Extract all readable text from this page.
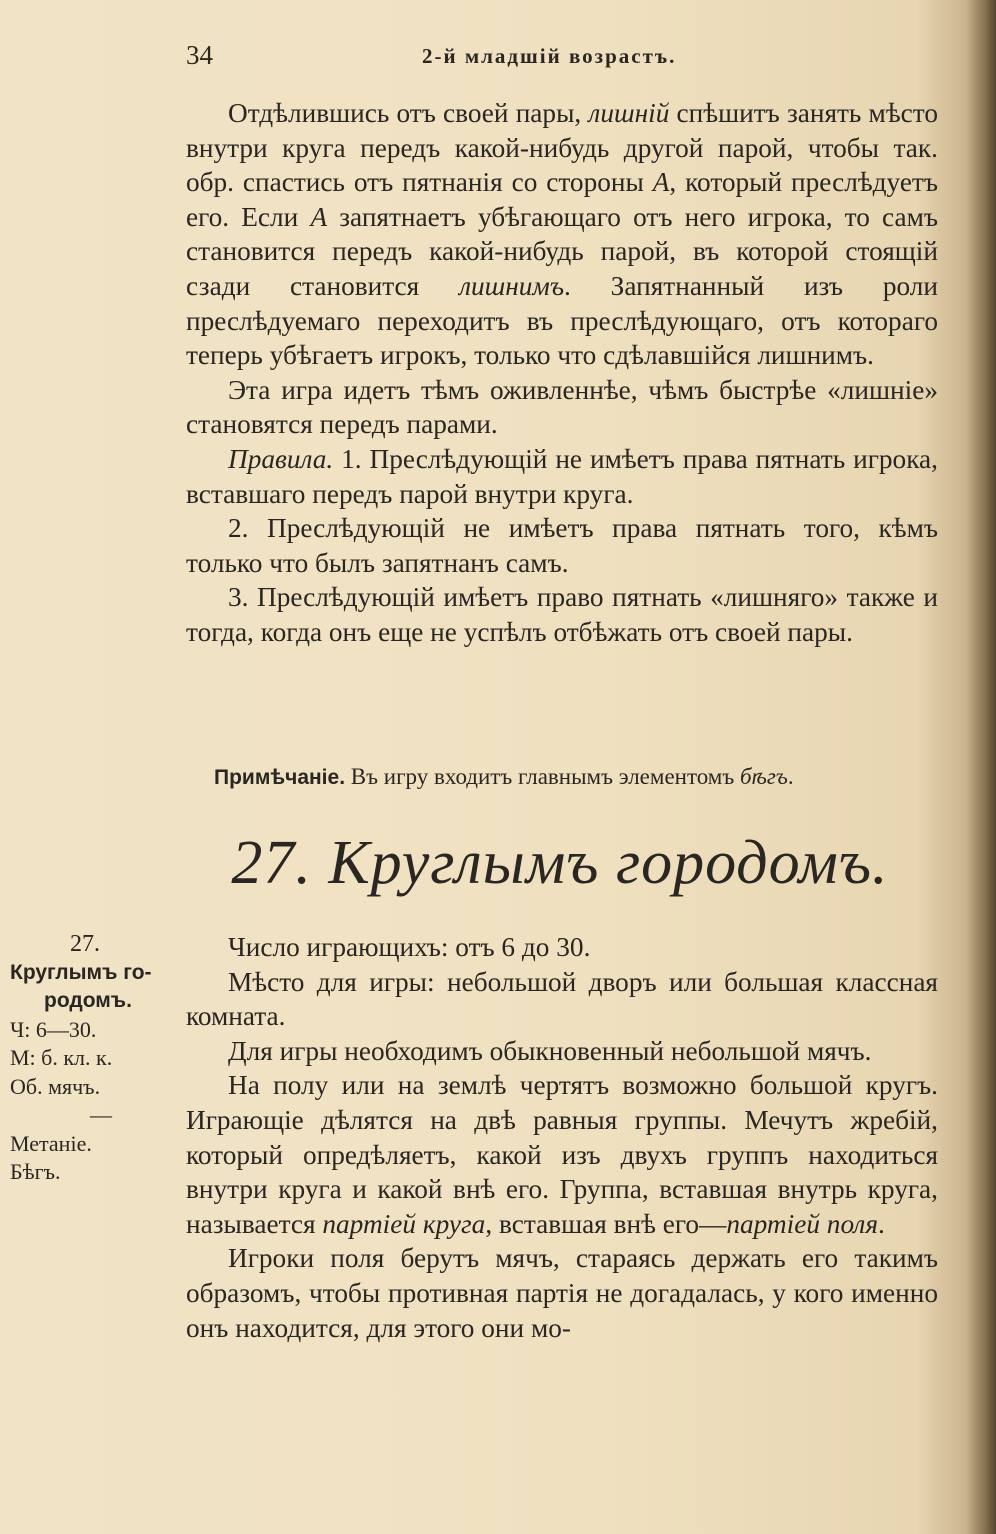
34	2-й младшій возрастъ.

Отдѣлившись отъ своей пары, лишній спѣшитъ занять мѣсто внутри круга передъ какой-нибудь другой парой, чтобы так. обр. спастись отъ пятнанія со стороны А, который преслѣдуетъ его. Если А запятнаетъ убѣгающаго отъ него игрока, то самъ становится передъ какой-нибудь парой, въ которой стоящій сзади становится лишнимъ. Запятнанный изъ роли преслѣдуемаго переходитъ въ преслѣдующаго, отъ котораго теперь убѣгаетъ игрокъ, только что сдѣлавшійся лишнимъ.

Эта игра идетъ тѣмъ оживленнѣе, чѣмъ быстрѣе «лишніе» становятся передъ парами.

Правила. 1. Преслѣдующій не имѣетъ права пятнать игрока, вставшаго передъ парой внутри круга.

2. Преслѣдующій не имѣетъ права пятнать того, кѣмъ только что былъ запятнанъ самъ.

3. Преслѣдующій имѣетъ право пятнать «лишняго» также и тогда, когда онъ еще не успѣлъ отбѣжать отъ своей пары.

Примѣчаніе. Въ игру входитъ главнымъ элементомъ бѣгъ.
27. Круглымъ городомъ.
27.
Круглымъ го-
родомъ.
Ч: 6—30.
М: б. кл. к.
Об. мячъ.
—
Метаніе.
Бѣгъ.

Число играющихъ: отъ 6 до 30.

Мѣсто для игры: небольшой дворъ или большая классная комната.

Для игры необходимъ обыкновенный небольшой мячъ.

На полу или на землѣ чертятъ возможно большой кругъ. Играющіе дѣлятся на двѣ равныя группы. Мечутъ жребій, который опредѣляетъ, какой изъ двухъ группъ находиться внутри круга и какой внѣ его. Группа, вставшая внутрь круга, называется партіей круга, вставшая внѣ его—партіей поля.

Игроки поля берутъ мячъ, стараясь держать его такимъ образомъ, чтобы противная партія не догадалась, у кого именно онъ находится, для этого они мо-
